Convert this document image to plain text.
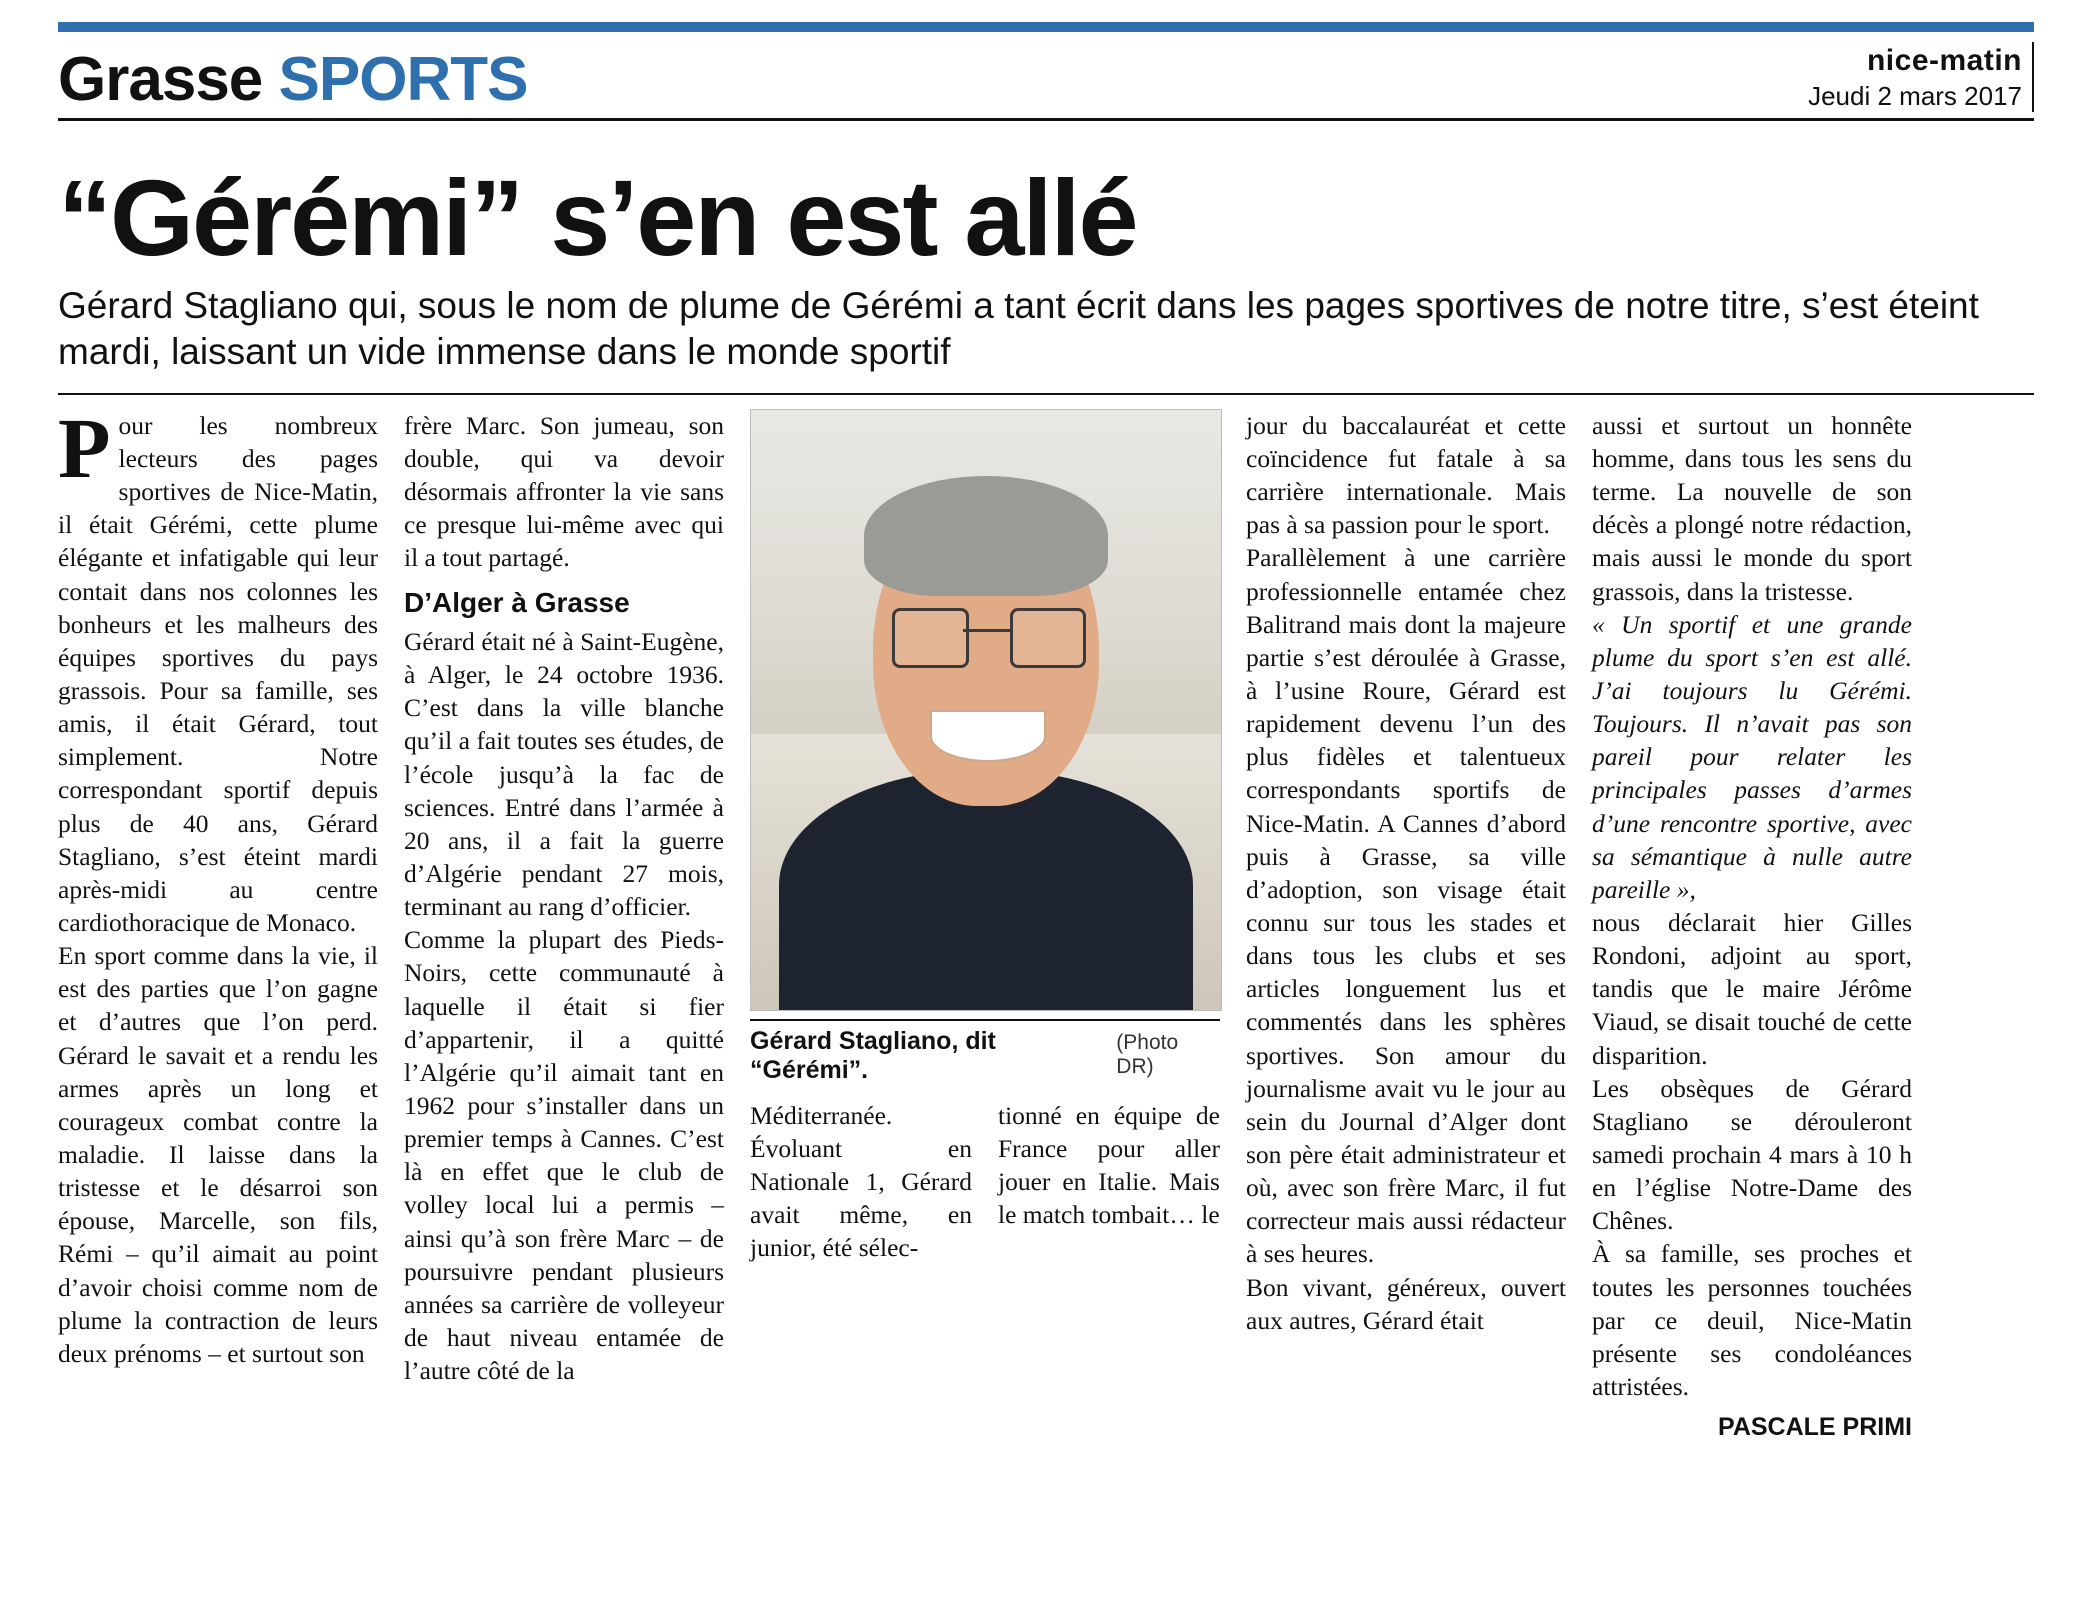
Grasse SPORTS	nice-matin
Jeudi 2 mars 2017
“Gérémi” s’en est allé
Gérard Stagliano qui, sous le nom de plume de Gérémi a tant écrit dans les pages sportives de notre titre, s’est éteint mardi, laissant un vide immense dans le monde sportif

Pour les nombreux lecteurs des pages sportives de Nice-Matin, il était Gérémi, cette plume élégante et infatigable qui leur contait dans nos colonnes les bonheurs et les malheurs des équipes sportives du pays grassois. Pour sa famille, ses amis, il était Gérard, tout simplement. Notre correspondant sportif depuis plus de 40 ans, Gérard Stagliano, s’est éteint mardi après-midi au centre cardiothoracique de Monaco.

En sport comme dans la vie, il est des parties que l’on gagne et d’autres que l’on perd. Gérard le savait et a rendu les armes après un long et courageux combat contre la maladie. Il laisse dans la tristesse et le désarroi son épouse, Marcelle, son fils, Rémi – qu’il aimait au point d’avoir choisi comme nom de plume la contraction de leurs deux prénoms – et surtout son

frère Marc. Son jumeau, son double, qui va devoir désormais affronter la vie sans ce presque lui-même avec qui il a tout partagé.

D’Alger à Grasse

Gérard était né à Saint-Eugène, à Alger, le 24 octobre 1936. C’est dans la ville blanche qu’il a fait toutes ses études, de l’école jusqu’à la fac de sciences. Entré dans l’armée à 20 ans, il a fait la guerre d’Algérie pendant 27 mois, terminant au rang d’officier.

Comme la plupart des Pieds-Noirs, cette communauté à laquelle il était si fier d’appartenir, il a quitté l’Algérie qu’il aimait tant en 1962 pour s’installer dans un premier temps à Cannes. C’est là en effet que le club de volley local lui a permis – ainsi qu’à son frère Marc – de poursuivre pendant plusieurs années sa carrière de volleyeur de haut niveau entamée de l’autre côté de la

Gérard Stagliano, dit “Gérémi”.
(Photo DR)

Méditerranée. Évoluant en Nationale 1, Gérard avait même, en junior, été sélec-

tionné en équipe de France pour aller jouer en Italie. Mais le match tombait… le

jour du baccalauréat et cette coïncidence fut fatale à sa carrière internationale. Mais pas à sa passion pour le sport.

Parallèlement à une carrière professionnelle entamée chez Balitrand mais dont la majeure partie s’est déroulée à Grasse, à l’usine Roure, Gérard est rapidement devenu l’un des plus fidèles et talentueux correspondants sportifs de Nice-Matin. A Cannes d’abord puis à Grasse, sa ville d’adoption, son visage était connu sur tous les stades et dans tous les clubs et ses articles longuement lus et commentés dans les sphères sportives. Son amour du journalisme avait vu le jour au sein du Journal d’Alger dont son père était administrateur et où, avec son frère Marc, il fut correcteur mais aussi rédacteur à ses heures.

Bon vivant, généreux, ouvert aux autres, Gérard était

aussi et surtout un honnête homme, dans tous les sens du terme. La nouvelle de son décès a plongé notre rédaction, mais aussi le monde du sport grassois, dans la tristesse.

« Un sportif et une grande plume du sport s’en est allé. J’ai toujours lu Gérémi. Toujours. Il n’avait pas son pareil pour relater les principales passes d’armes d’une rencontre sportive, avec sa sémantique à nulle autre pareille »,

nous déclarait hier Gilles Rondoni, adjoint au sport, tandis que le maire Jérôme Viaud, se disait touché de cette disparition.

Les obsèques de Gérard Stagliano se dérouleront samedi prochain 4 mars à 10 h en l’église Notre-Dame des Chênes.

À sa famille, ses proches et toutes les personnes touchées par ce deuil, Nice-Matin présente ses condoléances attristées.

PASCALE PRIMI
